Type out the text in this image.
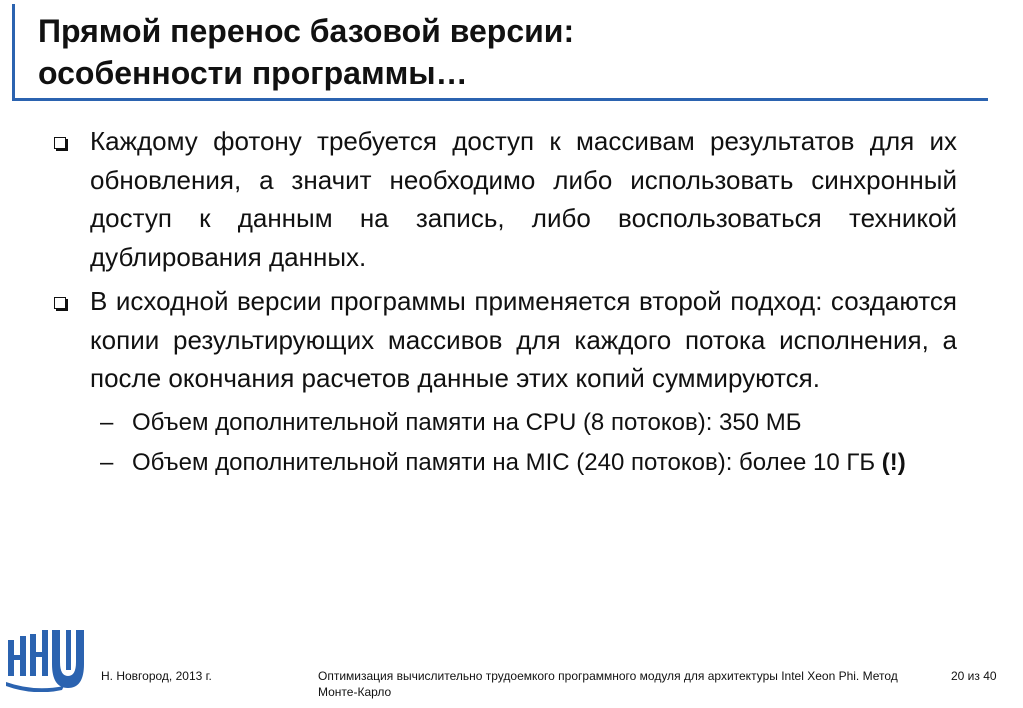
Прямой перенос базовой версии:
особенности программы…
Каждому фотону требуется доступ к массивам результатов для их обновления, а значит необходимо либо использовать синхронный доступ к данным на запись, либо воспользоваться техникой дублирования данных.
В исходной версии программы применяется второй подход: создаются копии результирующих массивов для каждого потока исполнения, а после окончания расчетов данные этих копий суммируются.
– Объем дополнительной памяти на CPU (8 потоков): 350 МБ
– Объем дополнительной памяти на MIC (240 потоков): более 10 ГБ (!)
Н. Новгород, 2013 г.	Оптимизация вычислительно трудоемкого программного модуля для архитектуры Intel Xeon Phi. Метод Монте-Карло
20 из 40
